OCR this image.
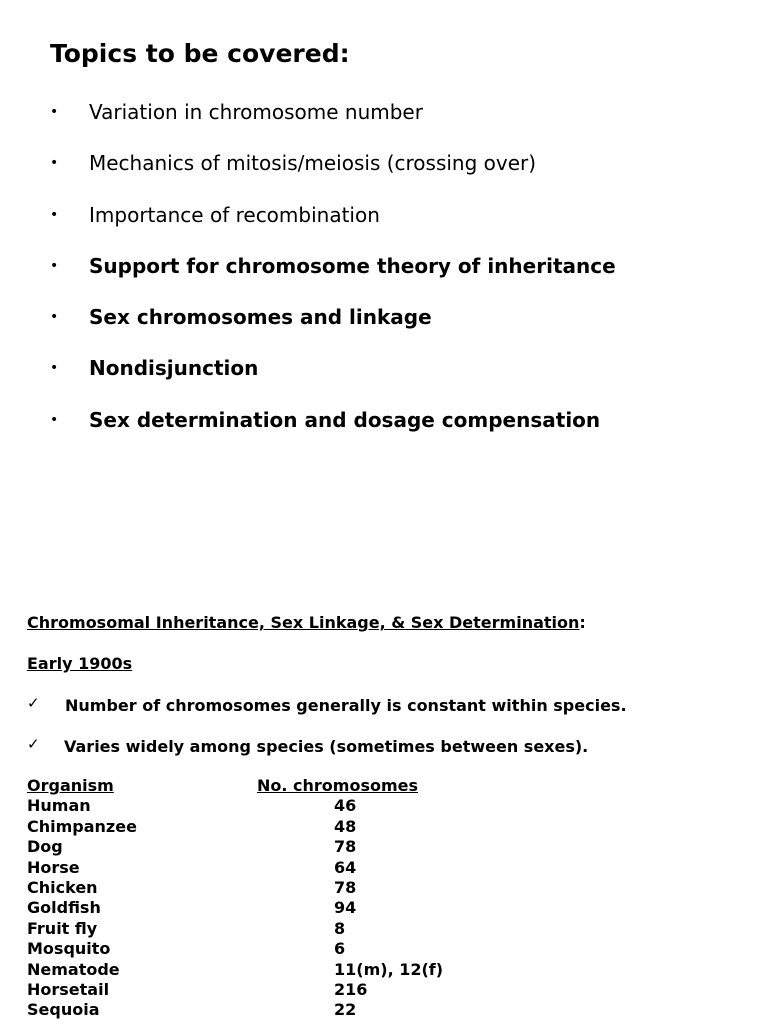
Topics to be covered:
• Variation in chromosome number
• Mechanics of mitosis/meiosis (crossing over)
• Importance of recombination
• Support for chromosome theory of inheritance
• Sex chromosomes and linkage
• Nondisjunction
• Sex determination and dosage compensation
Chromosomal Inheritance, Sex Linkage, & Sex Determination:
Early 1900s
✓ Number of chromosomes generally is constant within species.
✓ Varies widely among species (sometimes between sexes).
Organism	No. chromosomes
Human	46
Chimpanzee	48
Dog	78
Horse	64
Chicken	78
Goldfish	94
Fruit fly	8
Mosquito	6
Nematode	11(m), 12(f)
Horsetail	216
Sequoia	22
